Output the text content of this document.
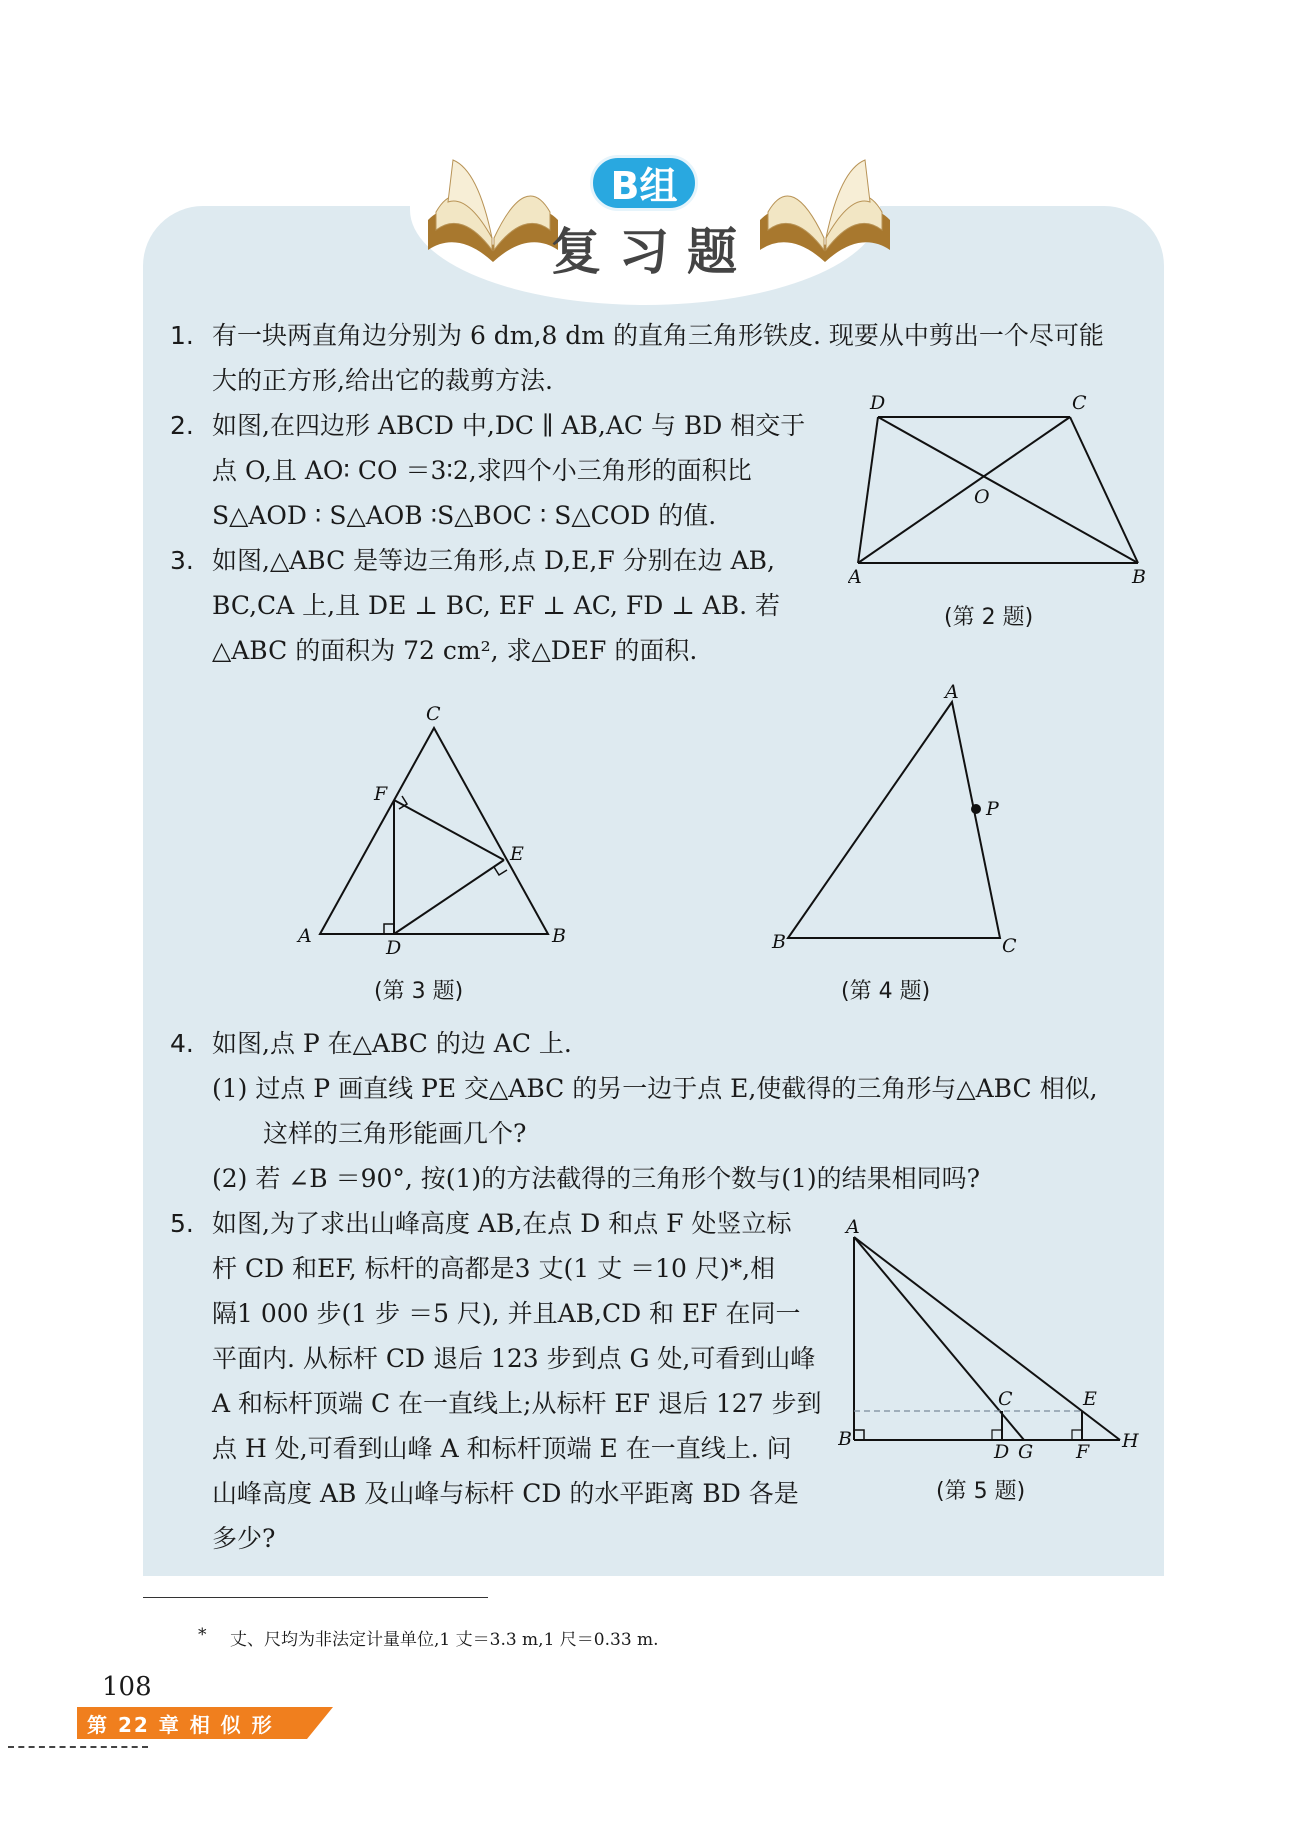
B组
复习题
1. 有一块两直角边分别为 6 dm,8 dm 的直角三角形铁皮. 现要从中剪出一个尽可能
大的正方形,给出它的裁剪方法.
2. 如图,在四边形 ABCD 中,DC ∥ AB,AC 与 BD 相交于
点 O,且 AO∶ CO ＝3∶2,求四个小三角形的面积比
S△AOD ∶ S△AOB ∶S△BOC ∶ S△COD 的值.
3. 如图,△ABC 是等边三角形,点 D,E,F 分别在边 AB,
BC,CA 上,且 DE ⊥ BC, EF ⊥ AC, FD ⊥ AB. 若
△ABC 的面积为 72 cm², 求△DEF 的面积.
D	C
A	B
O
(第 2 题)
C
F
E
A	B
D
(第 3 题)
A
P
B	C
(第 4 题)
4. 如图,点 P 在△ABC 的边 AC 上.
(1) 过点 P 画直线 PE 交△ABC 的另一边于点 E,使截得的三角形与△ABC 相似,
这样的三角形能画几个?
(2) 若 ∠B ＝90°, 按(1)的方法截得的三角形个数与(1)的结果相同吗?
5. 如图,为了求出山峰高度 AB,在点 D 和点 F 处竖立标
杆 CD 和EF, 标杆的高都是3 丈(1 丈 ＝10 尺)*,相
隔1 000 步(1 步 ＝5 尺), 并且AB,CD 和 EF 在同一
平面内. 从标杆 CD 退后 123 步到点 G 处,可看到山峰
A 和标杆顶端 C 在一直线上;从标杆 EF 退后 127 步到
点 H 处,可看到山峰 A 和标杆顶端 E 在一直线上. 问
山峰高度 AB 及山峰与标杆 CD 的水平距离 BD 各是
多少?
A
B
C	E
D G F H
(第 5 题)
* 丈、尺均为非法定计量单位,1 丈＝3.3 m,1 尺＝0.33 m.
108
第 22 章 相 似 形
